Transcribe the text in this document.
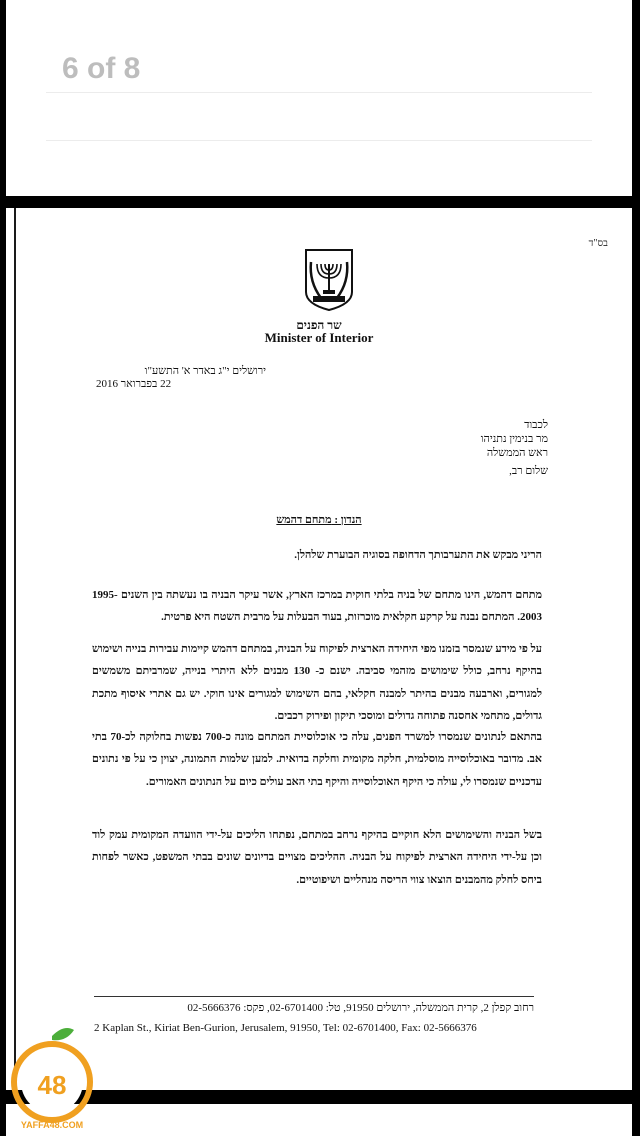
6 of 8
בס"ד
שר הפנים
Minister of Interior
ירושלים י"ג באדר א' התשע"ו
22 בפברואר 2016
לכבוד
מר בנימין נתניהו
ראש הממשלה
שלום רב,
הנדון : מתחם דהמש
הריני מבקש את התערבותך הדחופה בסוגיה הבוערת שלהלן.
מתחם דהמש, הינו מתחם של בניה בלתי חוקית במרכז הארץ, אשר עיקר הבניה בו נעשתה בין השנים 1995-2003. המתחם נבנה על קרקע חקלאית מוכרזות, בעוד הבעלות על מרבית השטח היא פרטית.
על פי מידע שנמסר בזמנו מפי היחידה הארצית לפיקוח על הבניה, במתחם דהמש קיימות עבירות בנייה ושימוש בהיקף נרחב, כולל שימושים מזהמי סביבה. ישנם כ- 130 מבנים ללא היתרי בנייה, שמרביתם משמשים למגורים, וארבעה מבנים בהיתר למבנה חקלאי, בהם השימוש למגורים אינו חוקי. יש גם אתרי איסוף מתכת גדולים, מתחמי אחסנה פתוחה גדולים ומוסכי תיקון ופירוק רכבים.
בהתאם לנתונים שנמסרו למשרד הפנים, עלה כי אוכלוסיית המתחם מונה כ-700 נפשות בחלוקה לכ-70 בתי אב. מדובר באוכלוסייה מוסלמית, חלקה מקומית וחלקה בדואית. למען שלמות התמונה, יצוין כי על פי נתונים עדכניים שנמסרו לי, עולה כי היקף האוכלוסייה והיקף בתי האב עולים כיום על הנתונים האמורים.
בשל הבניה והשימושים הלא חוקיים בהיקף נרחב במתחם, נפתחו הליכים על-ידי הוועדה המקומית עמק לוד וכן על-ידי היחידה הארצית לפיקוח על הבניה. ההליכים מצויים בדיונים שונים בבתי המשפט, כאשר לפחות ביחס לחלק מהמבנים הוצאו צווי הריסה מנהליים ושיפוטיים.
רחוב קפלן 2, קרית הממשלה, ירושלים 91950, טל: 02-6701400, פקס: 02-5666376
2 Kaplan St., Kiriat Ben-Gurion, Jerusalem, 91950, Tel: 02-6701400, Fax: 02-5666376
48
YAFFA48.COM
